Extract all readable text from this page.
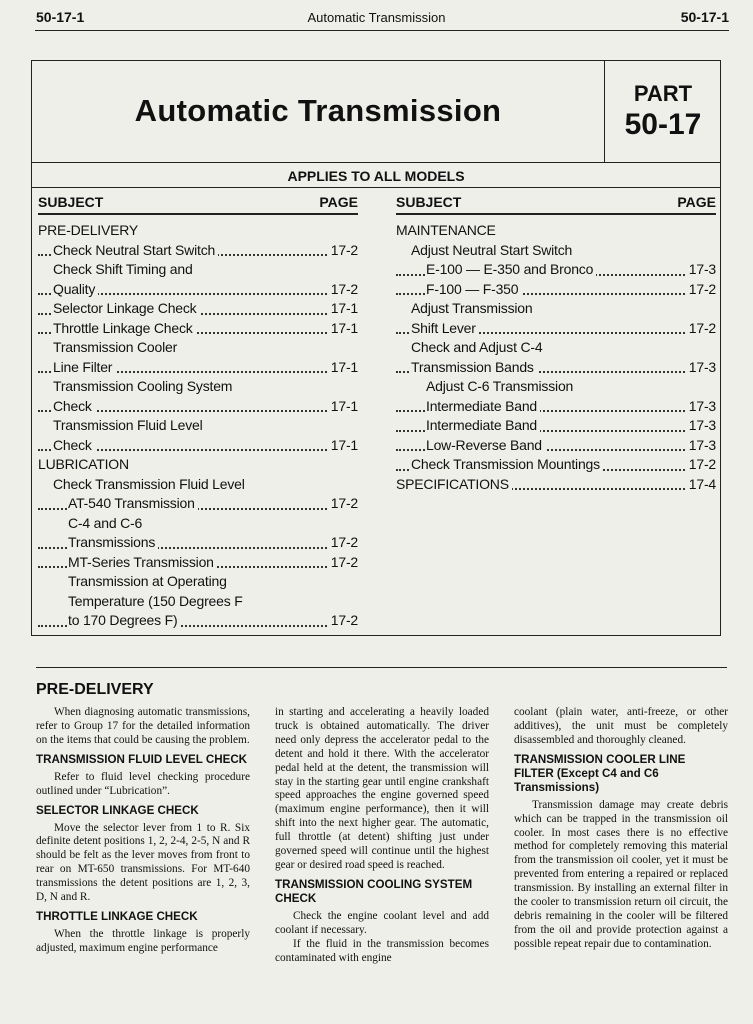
50-17-1	Automatic Transmission	50-17-1
Automatic Transmission	PART
50-17
APPLIES TO ALL MODELS
SUBJECT	PAGE
PRE-DELIVERY
Check Neutral Start Switch	17-2
Check Shift Timing and
Quality	17-2
Selector Linkage Check	17-1
Throttle Linkage Check	17-1
Transmission Cooler
Line Filter	17-1
Transmission Cooling System
Check	17-1
Transmission Fluid Level
Check	17-1
LUBRICATION
Check Transmission Fluid Level
AT-540 Transmission	17-2
C-4 and C-6
Transmissions	17-2
MT-Series Transmission	17-2
Transmission at Operating
Temperature (150 Degrees F
to 170 Degrees F)	17-2
SUBJECT	PAGE
MAINTENANCE
Adjust Neutral Start Switch
E-100 — E-350 and Bronco	17-3
F-100 — F-350	17-2
Adjust Transmission
Shift Lever	17-2
Check and Adjust C-4
Transmission Bands	17-3
Adjust C-6 Transmission
Intermediate Band	17-3
Intermediate Band	17-3
Low-Reverse Band	17-3
Check Transmission Mountings	17-2
SPECIFICATIONS	17-4
PRE-DELIVERY

When diagnosing automatic transmissions, refer to Group 17 for the detailed information on the items that could be causing the problem.

TRANSMISSION FLUID LEVEL CHECK

Refer to fluid level checking procedure outlined under “Lubrication”.

SELECTOR LINKAGE CHECK

Move the selector lever from 1 to R. Six definite detent positions 1, 2, 2-4, 2-5, N and R should be felt as the lever moves from front to rear on MT-650 transmissions. For MT-640 transmissions the detent positions are 1, 2, 3, D, N and R.

THROTTLE LINKAGE CHECK

When the throttle linkage is properly adjusted, maximum engine performance

in starting and accelerating a heavily loaded truck is obtained automatically. The driver need only depress the accelerator pedal to the detent and hold it there. With the accelerator pedal held at the detent, the transmission will stay in the starting gear until engine crankshaft speed approaches the engine governed speed (maximum engine performance), then it will shift into the next higher gear. The automatic, full throttle (at detent) shifting just under governed speed will continue until the highest gear or desired road speed is reached.

TRANSMISSION COOLING SYSTEM CHECK

Check the engine coolant level and add coolant if necessary.

If the fluid in the transmission becomes contaminated with engine

coolant (plain water, anti-freeze, or other additives), the unit must be completely disassembled and thoroughly cleaned.

TRANSMISSION COOLER LINE FILTER (Except C4 and C6 Transmissions)

Transmission damage may create debris which can be trapped in the transmission oil cooler. In most cases there is no effective method for completely removing this material from the transmission oil cooler, yet it must be prevented from entering a repaired or replaced transmission. By installing an external filter in the cooler to transmission return oil circuit, the debris remaining in the cooler will be filtered from the oil and provide protection against a possible repeat repair due to contamination.
